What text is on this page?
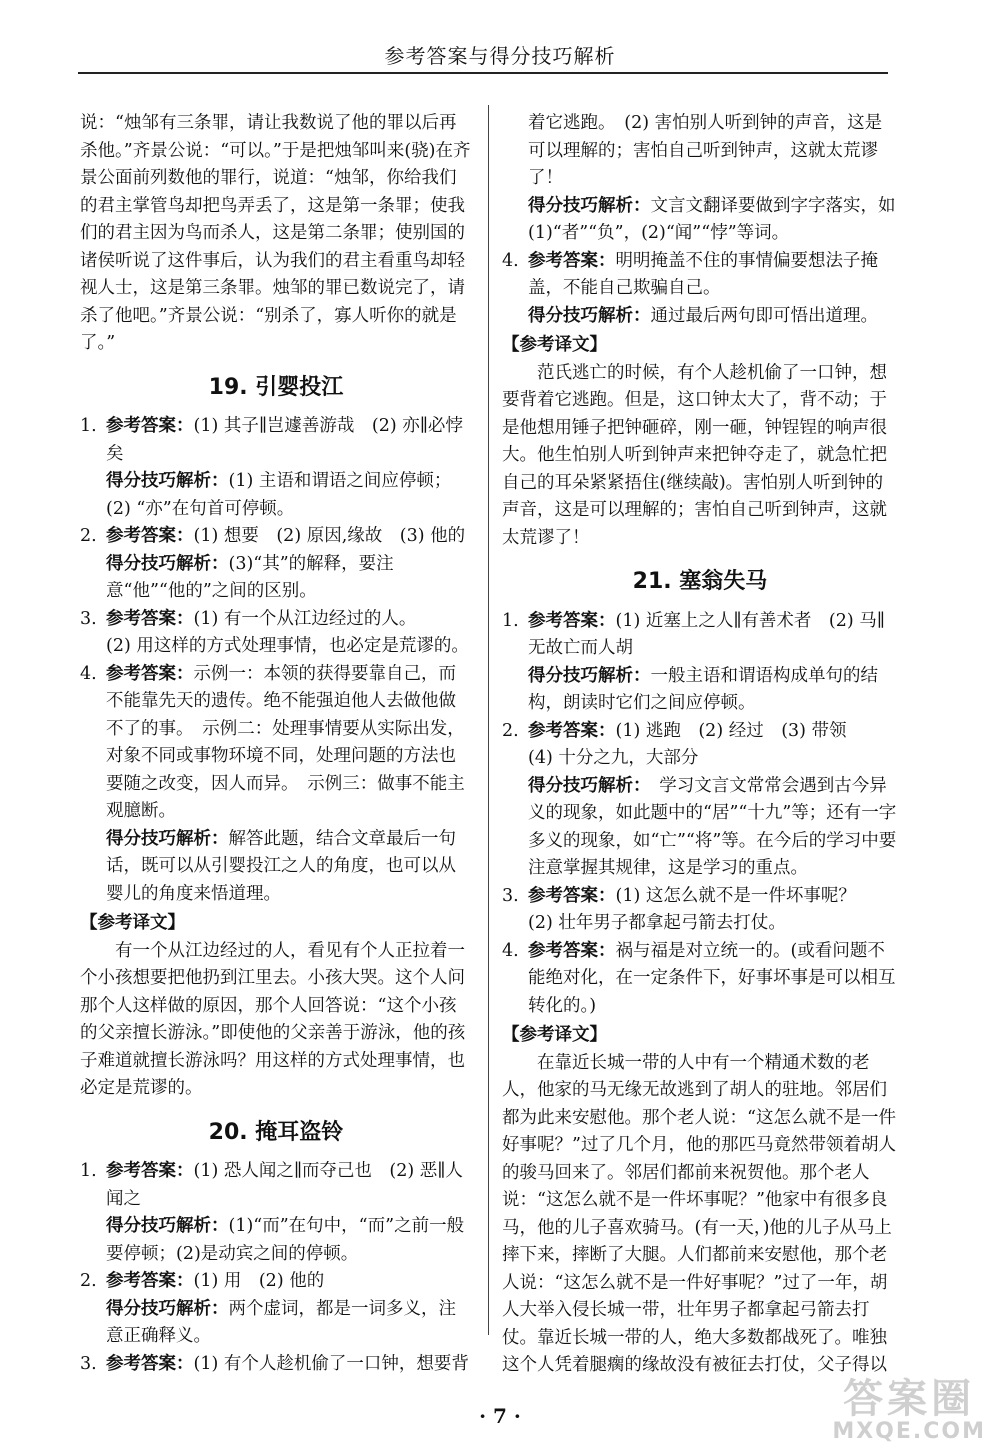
参考答案与得分技巧解析

说：“烛邹有三条罪，请让我数说了他的罪以后再杀他。”齐景公说：“可以。”于是把烛邹叫来(骁)在齐景公面前列数他的罪行，说道：“烛邹，你给我们的君主掌管鸟却把鸟弄丢了，这是第一条罪；使我们的君主因为鸟而杀人，这是第二条罪；使别国的诸侯听说了这件事后，认为我们的君主看重鸟却轻视人士，这是第三条罪。烛邹的罪已数说完了，请杀了他吧。”齐景公说：“别杀了，寡人听你的就是了。”

19. 引婴投江
1. 参考答案：(1) 其子∥岂遽善游哉　(2) 亦∥必悖矣

得分技巧解析：(1) 主语和谓语之间应停顿；(2) “亦”在句首可停顿。

2. 参考答案：(1) 想要　(2) 原因,缘故　(3) 他的

得分技巧解析：(3)“其”的解释，要注意“他”“他的”之间的区别。

3. 参考答案：(1) 有一个从江边经过的人。

(2) 用这样的方式处理事情，也必定是荒谬的。

4. 参考答案：示例一：本领的获得要靠自己，而不能靠先天的遗传。绝不能强迫他人去做他做不了的事。　示例二：处理事情要从实际出发，对象不同或事物环境不同，处理问题的方法也要随之改变，因人而异。　示例三：做事不能主观臆断。

得分技巧解析：解答此题，结合文章最后一句话，既可以从引婴投江之人的角度，也可以从婴儿的角度来悟道理。

【参考译文】

有一个从江边经过的人，看见有个人正拉着一个小孩想要把他扔到江里去。小孩大哭。这个人问那个人这样做的原因，那个人回答说：“这个小孩的父亲擅长游泳。”即使他的父亲善于游泳，他的孩子难道就擅长游泳吗？用这样的方式处理事情，也必定是荒谬的。

20. 掩耳盗铃
1. 参考答案：(1) 恐人闻之∥而夺己也　(2) 恶∥人闻之

得分技巧解析：(1)“而”在句中，“而”之前一般要停顿；(2)是动宾之间的停顿。

2. 参考答案：(1) 用　(2) 他的

得分技巧解析：两个虚词，都是一词多义，注意正确释义。

3. 参考答案：(1) 有个人趁机偷了一口钟，想要背

着它逃跑。　(2) 害怕别人听到钟的声音，这是可以理解的；害怕自己听到钟声，这就太荒谬了！

得分技巧解析：文言文翻译要做到字字落实，如(1)“者”“负”，(2)“闻”“悖”等词。

4. 参考答案：明明掩盖不住的事情偏要想法子掩盖，不能自己欺骗自己。

得分技巧解析：通过最后两句即可悟出道理。

【参考译文】

范氏逃亡的时候，有个人趁机偷了一口钟，想要背着它逃跑。但是，这口钟太大了，背不动；于是他想用锤子把钟砸碎，刚一砸，钟锃锃的响声很大。他生怕别人听到钟声来把钟夺走了，就急忙把自己的耳朵紧紧捂住(继续敲)。害怕别人听到钟的声音，这是可以理解的；害怕自己听到钟声，这就太荒谬了！

21. 塞翁失马
1. 参考答案：(1) 近塞上之人∥有善术者　(2) 马∥无故亡而人胡

得分技巧解析：一般主语和谓语构成单句的结构，朗读时它们之间应停顿。

2. 参考答案：(1) 逃跑　(2) 经过　(3) 带领

(4) 十分之九，大部分

得分技巧解析：　学习文言文常常会遇到古今异义的现象，如此题中的“居”“十九”等；还有一字多义的现象，如“亡”“将”等。在今后的学习中要注意掌握其规律，这是学习的重点。

3. 参考答案：(1) 这怎么就不是一件坏事呢？

(2) 壮年男子都拿起弓箭去打仗。

4. 参考答案：祸与福是对立统一的。(或看问题不能绝对化，在一定条件下，好事坏事是可以相互转化的。)

【参考译文】

在靠近长城一带的人中有一个精通术数的老人，他家的马无缘无故逃到了胡人的驻地。邻居们都为此来安慰他。那个老人说：“这怎么就不是一件好事呢？”过了几个月，他的那匹马竟然带领着胡人的骏马回来了。邻居们都前来祝贺他。那个老人说：“这怎么就不是一件坏事呢？”他家中有很多良马，他的儿子喜欢骑马。(有一天，)他的儿子从马上摔下来，摔断了大腿。人们都前来安慰他，那个老人说：“这怎么就不是一件好事呢？”过了一年，胡人大举入侵长城一带，壮年男子都拿起弓箭去打仗。靠近长城一带的人，绝大多数都战死了。唯独这个人凭着腿瘸的缘故没有被征去打仗，父子得以

· 7 ·	答案圈
MXQE.COM
